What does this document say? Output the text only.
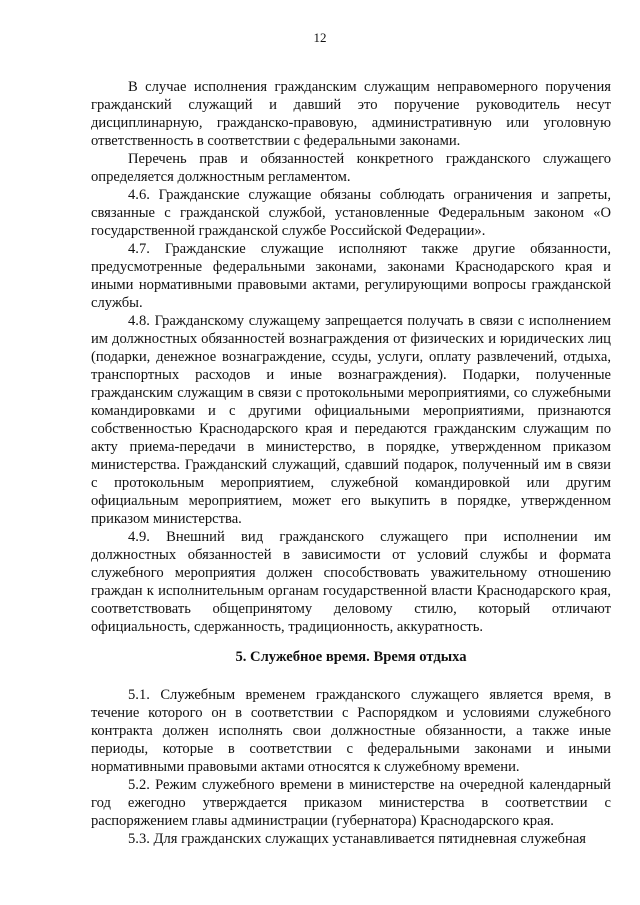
12

В случае исполнения гражданским служащим неправомерного поручения гражданский служащий и давший это поручение руководитель несут дисциплинарную, гражданско-правовую, административную или уголовную ответственность в соответствии с федеральными законами.

Перечень прав и обязанностей конкретного гражданского служащего определяется должностным регламентом.

4.6. Гражданские служащие обязаны соблюдать ограничения и запреты, связанные с гражданской службой, установленные Федеральным законом «О государственной гражданской службе Российской Федерации».

4.7. Гражданские служащие исполняют также другие обязанности, предусмотренные федеральными законами, законами Краснодарского края и иными нормативными правовыми актами, регулирующими вопросы гражданской службы.

4.8. Гражданскому служащему запрещается получать в связи с исполнением им должностных обязанностей вознаграждения от физических и юридических лиц (подарки, денежное вознаграждение, ссуды, услуги, оплату развлечений, отдыха, транспортных расходов и иные вознаграждения). Подарки, полученные гражданским служащим в связи с протокольными мероприятиями, со служебными командировками и с другими официальными мероприятиями, признаются собственностью Краснодарского края и передаются гражданским служащим по акту приема-передачи в министерство, в порядке, утвержденном приказом министерства. Гражданский служащий, сдавший подарок, полученный им в связи с протокольным мероприятием, служебной командировкой или другим официальным мероприятием, может его выкупить в порядке, утвержденном приказом министерства.

4.9. Внешний вид гражданского служащего при исполнении им должностных обязанностей в зависимости от условий службы и формата служебного мероприятия должен способствовать уважительному отношению граждан к исполнительным органам государственной власти Краснодарского края, соответствовать общепринятому деловому стилю, который отличают официальность, сдержанность, традиционность, аккуратность.

5. Служебное время. Время отдыха

5.1. Служебным временем гражданского служащего является время, в течение которого он в соответствии с Распорядком и условиями служебного контракта должен исполнять свои должностные обязанности, а также иные периоды, которые в соответствии с федеральными законами и иными нормативными правовыми актами относятся к служебному времени.

5.2. Режим служебного времени в министерстве на очередной календарный год ежегодно утверждается приказом министерства в соответствии с распоряжением главы администрации (губернатора) Краснодарского края.

5.3. Для гражданских служащих устанавливается пятидневная служебная
